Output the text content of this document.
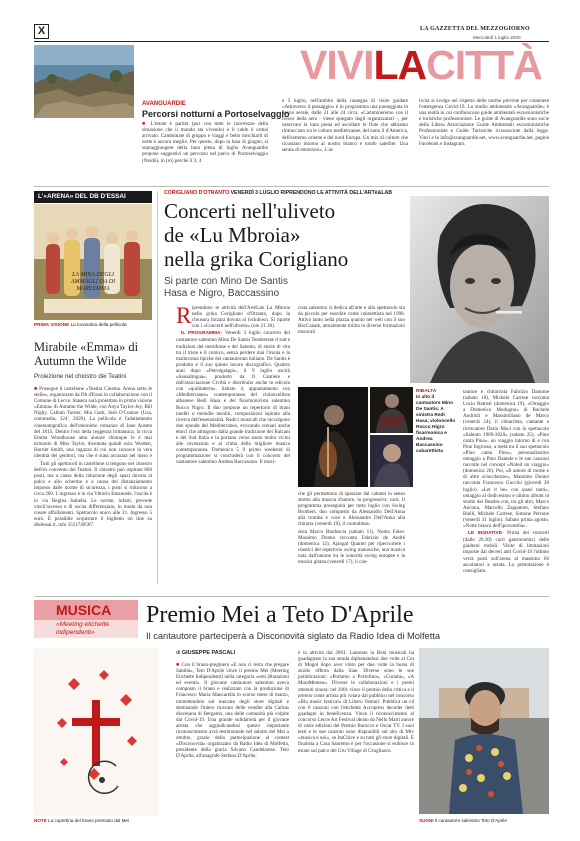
X	LA GAZZETTA DEL MEZZOGIORNO
Mercoledì 1 luglio 2020
VIVILACITTÀ
AVANGUARDIE
Percorsi notturni a Portoselvaggio
■ L'estate è partita (pur con tutte le incertezze della situazione che il mondo sta vivendo) e il caldo è ormai arrivato. Camminate di gruppo e viaggi è bello mischiarli di notte è ancora meglio. Per questo, dopo la luna di giugno, si sopraggiungere della luna piena di luglio Avanguardie propone suggestivi un percorso nel parco di Portoselvaggio (Nardò), in (ro) perché il 3, 4
e 5 luglio, nell'ambito della rassegna di visite guidate «Attraverso il passaggio» è in programma una passeggiata in orario serale, dalle 21 alle 24 circa. «Cammineremo con il fresco della sera - viene spiegato dagli organizzatori -, per osservare la luna piena ed ascoltare le flute che abbiamo rintracciato tra le culture mediterranee, del natio il d'America, dell'estremo oriente e del nord Europa. Un mix di culture che ricustano intorno al nostro bianco e tondo satellite. Una serata di emozioni». L'at-
tività si svolge nel rispetto delle norme previste per contenere l'emergenza Covid-19. Lo studio ambientale «Avanguardie» è una realtà in cui confluiscono guide ambientali escursionistiche e turistiche professioniste. Le guide di Avanguardie sono socie della Libera Associazione Guide Ambientali escursionistiche Professioniste e Guide Turistiche riconosciute dalla legge. Vinci e la info@avanguardie.net, www.avanguardie.net, pagine Facebook e Instagram.
L'«ARENA» DEL DB D'ESSAI
LA MINA DEGLI AMMAGLI DA DI MAREEMMA
PRIMA VISIONE La locandina della pellicola
Mirabile «Emma» di Autumn the Wilde
Proiezione nel chiostro dei Teatini
■ Prosegue il cartellone «Teatini Cinema. Arena sotto le stelle», organizzato da Db d'Essai in collaborazione con il Comune di Lecce. Stasera sarà proiettato in prima visione «Emma» di Autumn the Wilde, con Anya Taylor-Joy, Bill Nighy, Callum Turner, Mia Goth, Josh O'Connor (Usa, commedia, 124', 2020). La pellicola è l'adattamento cinematografico dell'omonimo romanzo di Jane Austen del 1815. Dentro l'era della reggenza britannica, la ricca Emma Woodhouse ama aiutare chiunque le è mai trimonio di Miss Taylor, diventata quindi sola. Wodten, Harriet Smith, una ragazza di cui non conosce la vera identità dei genitori, ma che è stata accasata nel lusso e
Tutti gli spettacoli in cartellone si tengono nel chiostro dell'ex convento dei Teatini. Il chiostro può ospitare 600 posti, ma a causa della riduzione degli spazi dovuta al palco e allo schermo e a causa del distanziamento imposto dalle norme di sicurezza, i posti si riducono a circa 200. L'ingresso è in via Vittorio Emanuele, l'uscita è in via Regina Isabella. Le norme, infatti, prevede vincil'accesso e di uscita differenziato, in modo da non creare affollamenti. Spettacolo unico alle 21. Ingresso 5 euro. È possibile acquistare il biglietto on line su dbdessai.it, info 3511749587.
CORIGLIANO D'OTRANTO VENERDÌ 3 LUGLIO RIPRENDONO LE ATTIVITÀ DELL'ARTè&LAB
Concerti nell'uliveto
de «Lu Mbroia»
nella grika Corigliano
Si parte con Mino De Santis
Hasa e Nigro, Baccassino
R iprendono le attività dell'ArtèLab Lu Mbroia nella grika Corigliano d'Otranto, dopo la chiusura forzata dovuta al lockdown. Si riparte con i «Concerti nell'uliveto» (ore 21.30).
IL PROGRAMMA- Venerdì 3 luglio concerto del cantautore salentino Mino De Santis Tenderesse il sud e tradizioni del meridione e del Salento, di storie di vita tra il triste e il comico, senza perdere mai l'ironia e la malinconia tipiche del cantautorato italiano. De Santis è prodotto e il suo quinto lavoro discografico. Quattro anni dopo «Petrolgrappi», il 9 luglio uscirà «Sausalingua», prodotto da Il Cantiere e dall'associazione Civiltà e distribuito anche in edicola con «quilitaterm». Sabato 4, appuntamento con «Mediterranea» contemporanea del violoncellista albanese Redi Hasa e del fisarmonicista salentino Rocco Nigro. Il duo propone un repertorio di brani inediti o melodie insoliti, composizioni ispirate alla ricerca dell'essenzialità. Radici musicali che raccolgono due sponde del Mediterraneo, evocando scenari anche etnici che attingono dalla grande tradizione dei Balcani e del Sud Italia e la portano verso suoni molto vicini alle invenzioni e al clima della migliore musica contemporanea. Domenica 5 il primo weekend di programmazione si concluderà con il concerto del cantautore salentino Andrea Baccassino. Il musi-
cista salentino si dedica all'arte e allo spettacolo sin da piccolo per esordire come cabarettista nel 1998. Attivo tanto nella piazza quanto nel web con il suo BacCanale, attualmente milita in diverse formazioni musicali
RIBALTA
In alto il cantautore Mino De Santis. A sinistra Redi Hasa, violoncello Rocco Nigro fisarmonica e Andrea Baccassino cabarettista
che gli permettono di spaziare dal cabaret in senso stretto alla musica d'autore, in progressiva: rock. Il programma proseguirà per tutto luglio con Swing Brothers, duo composto da Alessandro Dell'Anna alla tromba e voce e Alessandro Dell'Anna alla chitarra (venerdì 10), il contrabbas-
sista Marco Bardoscia (sabato 11), Nomo False: Massimo Donno racconta Fabrizio de André (domenica 12), Ajangal Quartet per ripercorrere i classici del repertorio swing manouche, una musica nata dall'unione tra le sonorità swing europee e la musica gitana (venerdì 17), il can-
tautore e chitarrista Fabrizio Dantone (sabato 18), Michele Carrese racconta Lucio Battisti (domenica 19), «Omaggio a Domenico Modugno» di Rachele Andrioli e Massimiliano de Marco (venerdì 24), il chitarrista, cantante e ricercatore Dario Muci con lo spettacolo «Salento 1989-2020» (sabato 25), «Pino canta Pino», un viaggio intorno di e con Pino Ingrosso, a metà tra il suo spettacolo «Pino canta Pino», personalissimo omaggio a Pino Daniele e le sue canzoni raccolte nel concept «Noted un viaggio» (domenica 26). Poi, «Il amore di morte e di altre sciocchezze», Massimo Donno racconta Francesco Guccini (giovedì 30 luglio). «Let it be» con quasi tanti», omaggio al dodicesimo e ultimo album in studio dei Beatles con, tra gli altri, Marco Ancona, Marcello Zappatore, Stefano Rielli, Michele Cortese, Simone Perrone (venerdì 31 luglio). Sabato prima agosto, «Notte bianca dell'ipocondria».
LE INIZIATIVE- Prima dei concerti (dalle 20.30) corti gastronomici delle giaderni mobili. Visite di limitazioni imposte dai decreti anti Covid-19 l'ultimo verrà posti sull'arena al massimo 60 ascoltatori a serata. La prenotazione è consigliata.
MUSICA
«Meeting etichette
indipendenti»
Premio Mei a Teto D'Aprile
Il cantautore parteciperà a Disconovità siglato da Radio Idea di Molfetta
NOTE La copertina del brano premiato dal Mei
di GIUSEPPE PASCALI
■ Con il brano-preghiera «E non ci resta che pregare Santità», Teto D'Aprile vince il premio Mei (Meeting Etichette Indipendenti) nella categoria «emi (Rotazioni ed eventi». Il giovane cantautore salentino aveva composto il brano e realizzato con la produzione di Francesco Maria Mancarella lo scorso mese di marzo, immettendolo sul mercato degli store digitali e destinando l'intero ricavato delle vendite alla Caritas diocesana di Bergamo, una delle comunità più colpite dal Covid-19. Una grande solidarietà per il giovane artista che aggiudicandosi questo importante riconoscimento avrà testimoniale nel salotto del Mei a ottobre, grazie della partecipazione al contest «Disconovità» organizzato da Radio Idea di Molfetta, presidente della giuria Silvano Candelarese. Teto D'Aprile, all'anagrafe Stefano D'Aprile,
è in attività dal 2001. Laureato in Beni musicali ha guadagnato la sua strada diplomandosi due volte al Cot di Mogol dopo aver vinto per due volte la borsa di studio offerta dalla Siae. Diverse sono le sue pubblicazioni: «Portamo a Portofino», «Curami», «A MaraMemeo». Diverse le collaborazioni e i premi ottenuti sinora: nel 2001 vince il premio della critica e il premio come artista più votato dal pubblico nel concorso «Blu music festival» di Libero Venturi. Pubblica un cd con 6 canzoni con l'etichetta Accopress decoder dedi guadagni in beneficenza. Vince il riconoscimento al concorso Lecce Art Festival ideato da Nello Marti autore di varie edizioni del Premio Barocco e Oscar TV. I suoi testi e le sue canzoni sono disponibili sul sito di Mtv «musica e noi», su ItaChive e su tutti gli store digitali. È finalista a Casa Sanremo e per l'occasione si esibisce in estate sul palco del Gru Village di Grugliasco.
SUONI Il cantautore salentino Teto D'Aprile
